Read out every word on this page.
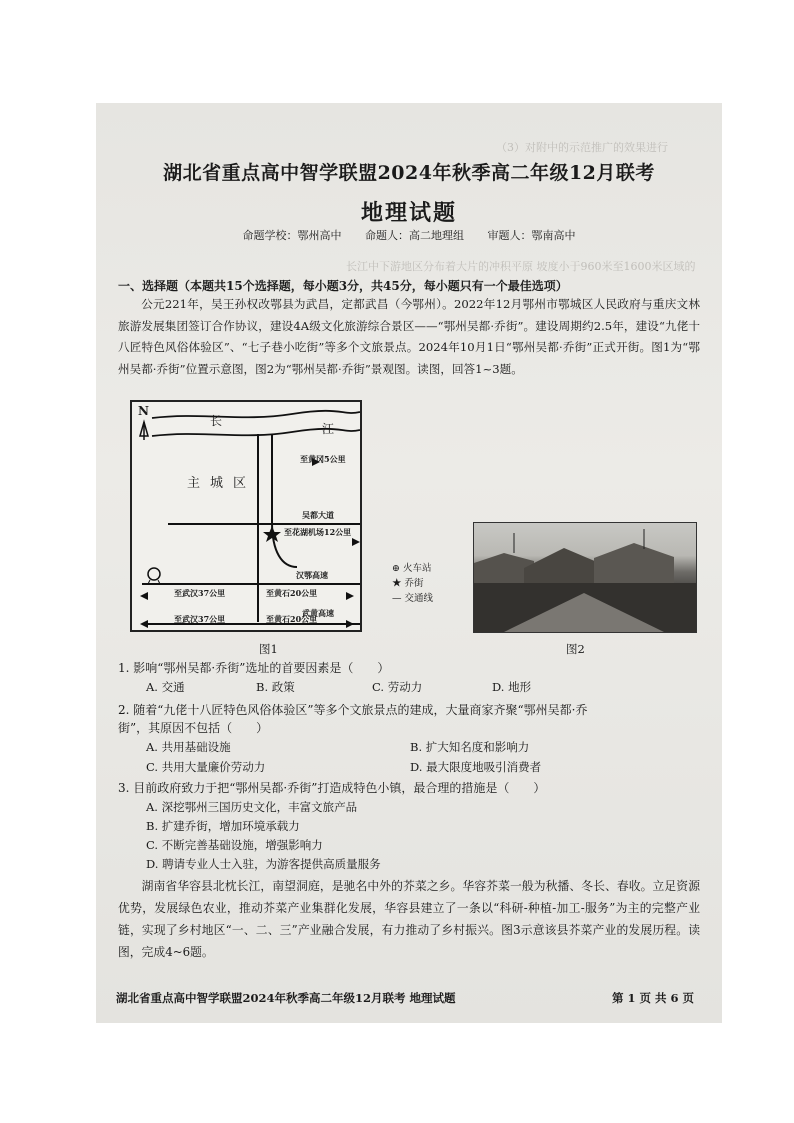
长江中下游地区分布着大片的冲积平原 坡度小于960米至1600米区域的
（3）对附中的示范推广的效果进行
湖北省重点高中智学联盟2024年秋季高二年级12月联考
地理试题
命题学校：鄂州高中 命题人：高二地理组 审题人：鄂南高中
一、选择题（本题共15个选择题，每小题3分，共45分，每小题只有一个最佳选项）
公元221年，吴王孙权改鄂县为武昌，定都武昌（今鄂州）。2022年12月鄂州市鄂城区人民政府与重庆文林旅游发展集团签订合作协议，建设4A级文化旅游综合景区——“鄂州吴都·乔街”。建设周期约2.5年，建设“九佬十八匠特色风俗体验区”、“七子巷小吃街”等多个文旅景点。2024年10月1日“鄂州吴都·乔街”正式开街。图1为“鄂州吴都·乔街”位置示意图，图2为“鄂州吴都·乔街”景观图。读图，回答1~3题。
N
长
江
主城区
至黄冈5公里
吴都大道
至花湖机场12公里
汉鄂高速
至武汉37公里	至黄石20公里
武黄高速
至武汉37公里	至黄石20公里
⊕ 火车站
★ 乔街
— 交通线
图1	图2
1. 影响“鄂州吴都·乔街”选址的首要因素是（　　）
A. 交通	B. 政策	C. 劳动力	D. 地形
2. 随着“九佬十八匠特色风俗体验区”等多个文旅景点的建成，大量商家齐聚“鄂州吴都·乔
街”，其原因不包括（　　）
A. 共用基础设施	B. 扩大知名度和影响力
C. 共用大量廉价劳动力	D. 最大限度地吸引消费者
3. 目前政府致力于把“鄂州吴都·乔街”打造成特色小镇，最合理的措施是（　　）
A. 深挖鄂州三国历史文化，丰富文旅产品
B. 扩建乔街，增加环境承载力
C. 不断完善基础设施，增强影响力
D. 聘请专业人士入驻，为游客提供高质量服务
湖南省华容县北枕长江，南望洞庭，是驰名中外的芥菜之乡。华容芥菜一般为秋播、冬长、春收。立足资源优势，发展绿色农业，推动芥菜产业集群化发展，华容县建立了一条以“科研-种植-加工-服务”为主的完整产业链，实现了乡村地区“一、二、三”产业融合发展，有力推动了乡村振兴。图3示意该县芥菜产业的发展历程。读图，完成4~6题。
湖北省重点高中智学联盟2024年秋季高二年级12月联考 地理试题	第 1 页 共 6 页
